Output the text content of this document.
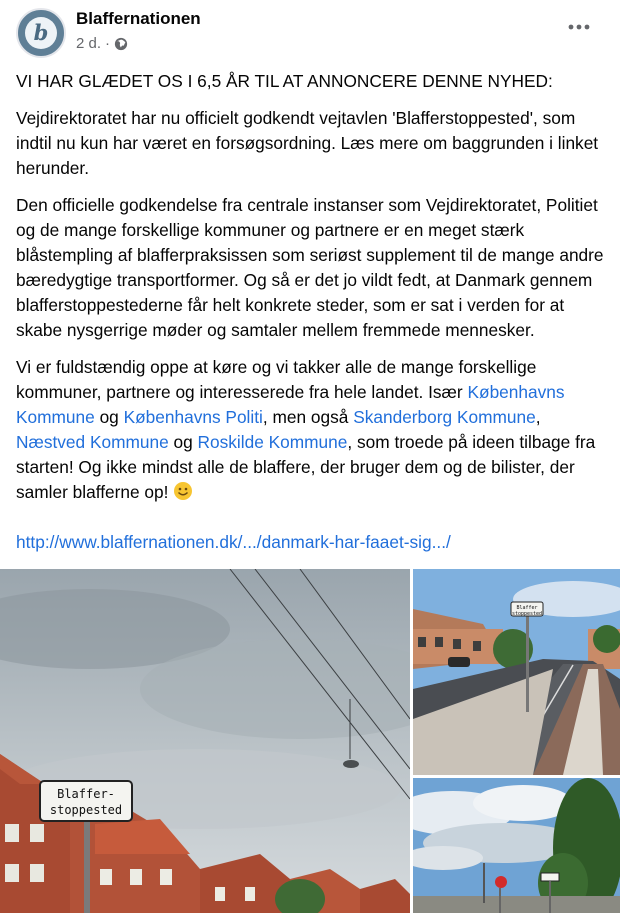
b
Blaffernationen
2 d. ·

VI HAR GLÆDET OS I 6,5 ÅR TIL AT ANNONCERE DENNE NYHED:

Vejdirektoratet har nu officielt godkendt vejtavlen 'Blafferstoppested', som indtil nu kun har været en forsøgsordning. Læs mere om baggrunden i linket herunder.

Den officielle godkendelse fra centrale instanser som Vejdirektoratet, Politiet og de mange forskellige kommuner og partnere er en meget stærk blåstempling af blafferpraksissen som seriøst supplement til de mange andre bæredygtige transportformer. Og så er det jo vildt fedt, at Danmark gennem blafferstoppestederne får helt konkrete steder, som er sat i verden for at skabe nysgerrige møder og samtaler mellem fremmede mennesker.

Vi er fuldstændig oppe at køre og vi takker alle de mange forskellige kommuner, partnere og interesserede fra hele landet. Især Københavns Kommune og Københavns Politi, men også Skanderborg Kommune, Næstved Kommune og Roskilde Kommune, som troede på ideen tilbage fra starten! Og ikke mindst alle de blaffere, der bruger dem og de bilister, der samler blafferne op!

http://www.blaffernationen.dk/.../danmark-har-faaet-sig.../
Blaffer-
stoppested
Blaffer
stoppested
